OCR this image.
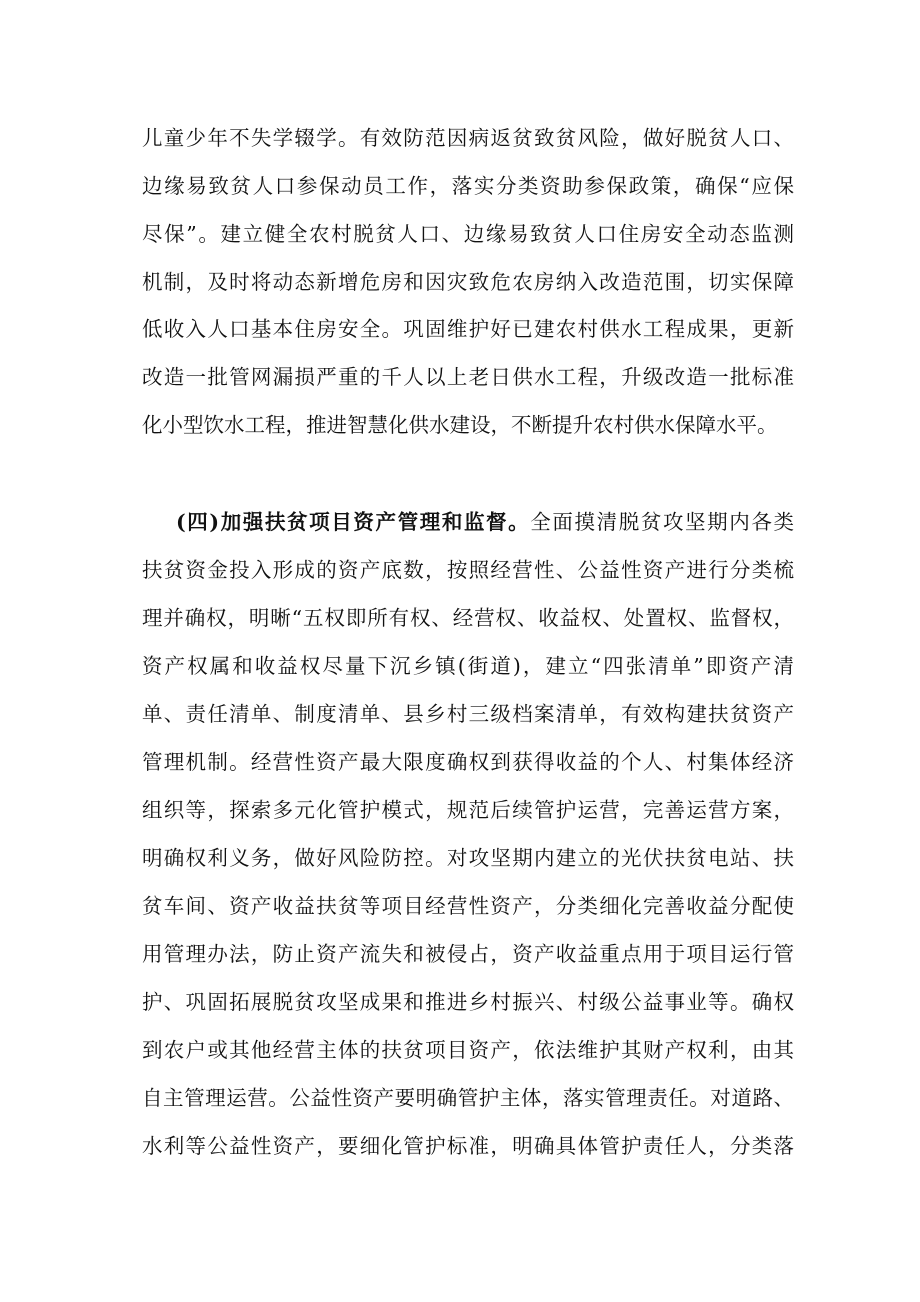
儿童少年不失学辍学。有效防范因病返贫致贫风险，做好脱贫人口、
边缘易致贫人口参保动员工作，落实分类资助参保政策，确保“应保
尽保”。建立健全农村脱贫人口、边缘易致贫人口住房安全动态监测
机制，及时将动态新增危房和因灾致危农房纳入改造范围，切实保障
低收入人口基本住房安全。巩固维护好已建农村供水工程成果，更新
改造一批管网漏损严重的千人以上老日供水工程，升级改造一批标准
化小型饮水工程，推进智慧化供水建设，不断提升农村供水保障水平。
(四)加强扶贫项目资产管理和监督。全面摸清脱贫攻坚期内各类
扶贫资金投入形成的资产底数，按照经营性、公益性资产进行分类梳
理并确权，明晰“五权即所有权、经营权、收益权、处置权、监督权，
资产权属和收益权尽量下沉乡镇(街道)，建立“四张清单”即资产清
单、责任清单、制度清单、县乡村三级档案清单，有效构建扶贫资产
管理机制。经营性资产最大限度确权到获得收益的个人、村集体经济
组织等，探索多元化管护模式，规范后续管护运营，完善运营方案，
明确权利义务，做好风险防控。对攻坚期内建立的光伏扶贫电站、扶
贫车间、资产收益扶贫等项目经营性资产，分类细化完善收益分配使
用管理办法，防止资产流失和被侵占，资产收益重点用于项目运行管
护、巩固拓展脱贫攻坚成果和推进乡村振兴、村级公益事业等。确权
到农户或其他经营主体的扶贫项目资产，依法维护其财产权利，由其
自主管理运营。公益性资产要明确管护主体，落实管理责任。对道路、
水利等公益性资产，要细化管护标准，明确具体管护责任人，分类落
